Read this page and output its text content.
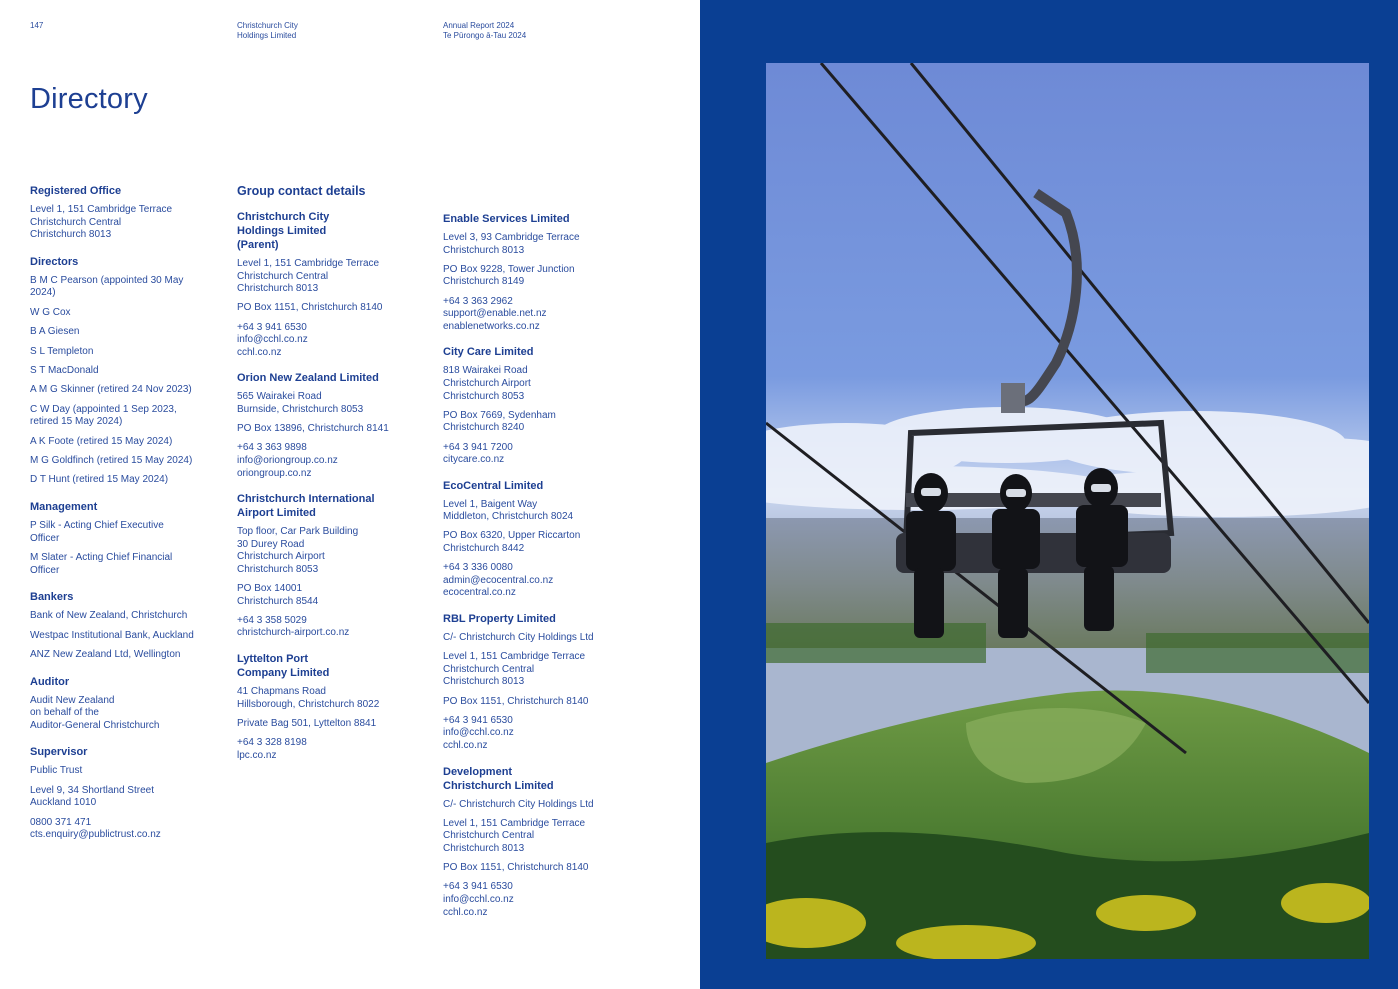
147	Christchurch City
Holdings Limited
Annual Report 2024
Te Pūrongo ā-Tau 2024
Directory
Registered Office
Level 1, 151 Cambridge Terrace
Christchurch Central
Christchurch 8013
Directors
B M C Pearson (appointed 30 May
2024)
W G Cox
B A Giesen
S L Templeton
S T MacDonald
A M G Skinner (retired 24 Nov 2023)
C W Day (appointed 1 Sep 2023,
retired 15 May 2024)
A K Foote (retired 15 May 2024)
M G Goldfinch (retired 15 May 2024)
D T Hunt (retired 15 May 2024)
Management
P Silk - Acting Chief Executive
Officer
M Slater - Acting Chief Financial
Officer
Bankers
Bank of New Zealand, Christchurch
Westpac Institutional Bank, Auckland
ANZ New Zealand Ltd, Wellington
Auditor
Audit New Zealand
on behalf of the
Auditor-General Christchurch
Supervisor
Public Trust
Level 9, 34 Shortland Street
Auckland 1010
0800 371 471
cts.enquiry@publictrust.co.nz
Group contact details
Christchurch City
Holdings Limited
(Parent)
Level 1, 151 Cambridge Terrace
Christchurch Central
Christchurch 8013
PO Box 1151, Christchurch 8140
+64 3 941 6530
info@cchl.co.nz
cchl.co.nz
Orion New Zealand Limited
565 Wairakei Road
Burnside, Christchurch 8053
PO Box 13896, Christchurch 8141
+64 3 363 9898
info@oriongroup.co.nz
oriongroup.co.nz
Christchurch International
Airport Limited
Top floor, Car Park Building
30 Durey Road
Christchurch Airport
Christchurch 8053
PO Box 14001
Christchurch 8544
+64 3 358 5029
christchurch-airport.co.nz
Lyttelton Port
Company Limited
41 Chapmans Road
Hillsborough, Christchurch 8022
Private Bag 501, Lyttelton 8841
+64 3 328 8198
lpc.co.nz
Enable Services Limited
Level 3, 93 Cambridge Terrace
Christchurch 8013
PO Box 9228, Tower Junction
Christchurch 8149
+64 3 363 2962
support@enable.net.nz
enablenetworks.co.nz
City Care Limited
818 Wairakei Road
Christchurch Airport
Christchurch 8053
PO Box 7669, Sydenham
Christchurch 8240
+64 3 941 7200
citycare.co.nz
EcoCentral Limited
Level 1, Baigent Way
Middleton, Christchurch 8024
PO Box 6320, Upper Riccarton
Christchurch 8442
+64 3 336 0080
admin@ecocentral.co.nz
ecocentral.co.nz
RBL Property Limited
C/- Christchurch City Holdings Ltd
Level 1, 151 Cambridge Terrace
Christchurch Central
Christchurch 8013
PO Box 1151, Christchurch 8140
+64 3 941 6530
info@cchl.co.nz
cchl.co.nz
Development
Christchurch Limited
C/- Christchurch City Holdings Ltd
Level 1, 151 Cambridge Terrace
Christchurch Central
Christchurch 8013
PO Box 1151, Christchurch 8140
+64 3 941 6530
info@cchl.co.nz
cchl.co.nz
